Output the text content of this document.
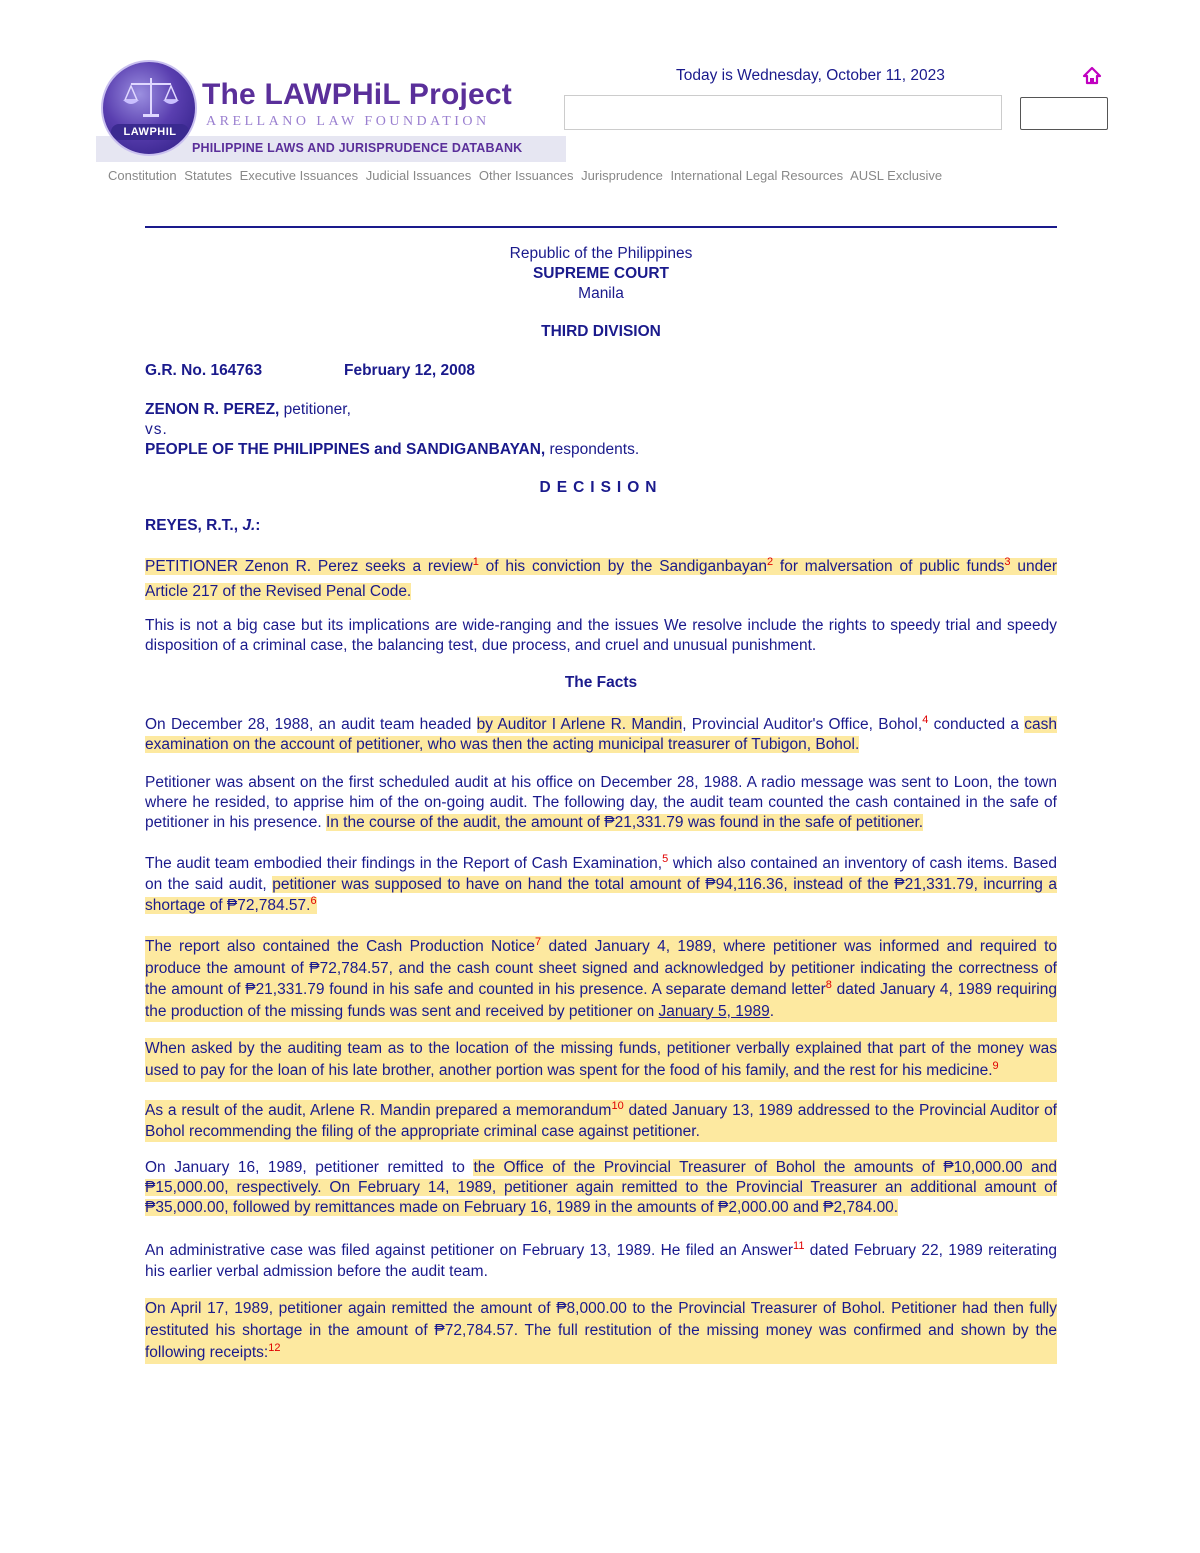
PHILIPPINE LAWS AND JURISPRUDENCE DATABANK
LAWPHIL
The LAWPHiL Project
ARELLANO LAW FOUNDATION
Today is Wednesday, October 11, 2023
Constitution Statutes Executive Issuances Judicial Issuances Other Issuances Jurisprudence International Legal Resources AUSL Exclusive

Republic of the Philippines

SUPREME COURT

Manila

THIRD DIVISION

G.R. No. 164763	February 12, 2008

ZENON R. PEREZ, petitioner,

vs.

PEOPLE OF THE PHILIPPINES and SANDIGANBAYAN, respondents.

DECISION

REYES, R.T., J.:

PETITIONER Zenon R. Perez seeks a review$^1$ of his conviction by the Sandiganbayan$^2$ for malversation of public funds$^3$ under Article 217 of the Revised Penal Code.

This is not a big case but its implications are wide-ranging and the issues We resolve include the rights to speedy trial and speedy disposition of a criminal case, the balancing test, due process, and cruel and unusual punishment.

The Facts

On December 28, 1988, an audit team headed by Auditor I Arlene R. Mandin, Provincial Auditor's Office, Bohol,$^4$ conducted a cash examination on the account of petitioner, who was then the acting municipal treasurer of Tubigon, Bohol.

Petitioner was absent on the first scheduled audit at his office on December 28, 1988. A radio message was sent to Loon, the town where he resided, to apprise him of the on-going audit. The following day, the audit team counted the cash contained in the safe of petitioner in his presence. In the course of the audit, the amount of ₱21,331.79 was found in the safe of petitioner.

The audit team embodied their findings in the Report of Cash Examination,$^5$ which also contained an inventory of cash items. Based on the said audit, petitioner was supposed to have on hand the total amount of ₱94,116.36, instead of the ₱21,331.79, incurring a shortage of ₱72,784.57.$^6$

The report also contained the Cash Production Notice$^7$ dated January 4, 1989, where petitioner was informed and required to produce the amount of ₱72,784.57, and the cash count sheet signed and acknowledged by petitioner indicating the correctness of the amount of ₱21,331.79 found in his safe and counted in his presence. A separate demand letter$^8$ dated January 4, 1989 requiring the production of the missing funds was sent and received by petitioner on January 5, 1989.

When asked by the auditing team as to the location of the missing funds, petitioner verbally explained that part of the money was used to pay for the loan of his late brother, another portion was spent for the food of his family, and the rest for his medicine.$^9$

As a result of the audit, Arlene R. Mandin prepared a memorandum$^{10}$ dated January 13, 1989 addressed to the Provincial Auditor of Bohol recommending the filing of the appropriate criminal case against petitioner.

On January 16, 1989, petitioner remitted to the Office of the Provincial Treasurer of Bohol the amounts of ₱10,000.00 and ₱15,000.00, respectively. On February 14, 1989, petitioner again remitted to the Provincial Treasurer an additional amount of ₱35,000.00, followed by remittances made on February 16, 1989 in the amounts of ₱2,000.00 and ₱2,784.00.

An administrative case was filed against petitioner on February 13, 1989. He filed an Answer$^{11}$ dated February 22, 1989 reiterating his earlier verbal admission before the audit team.

On April 17, 1989, petitioner again remitted the amount of ₱8,000.00 to the Provincial Treasurer of Bohol. Petitioner had then fully restituted his shortage in the amount of ₱72,784.57. The full restitution of the missing money was confirmed and shown by the following receipts:$^{12}$
